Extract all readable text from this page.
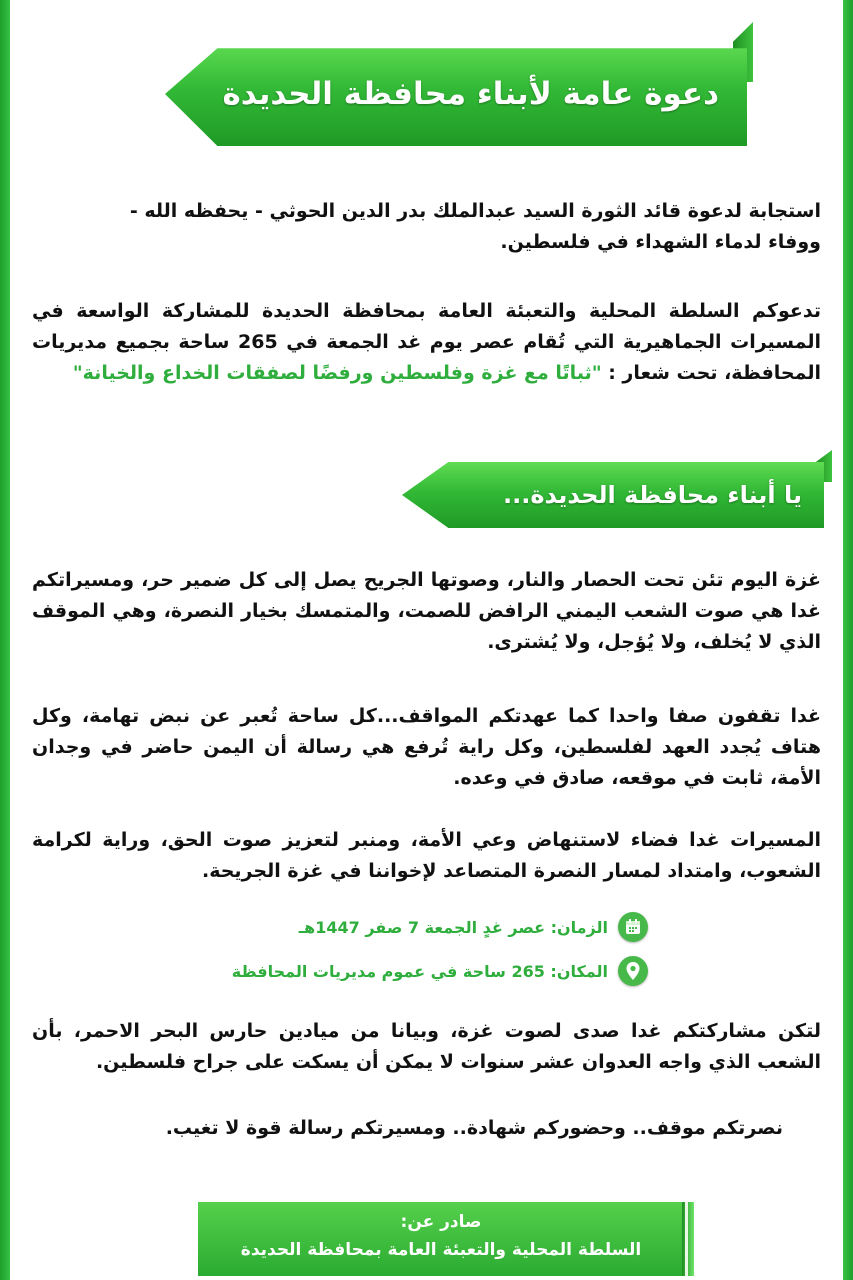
دعوة عامة لأبناء محافظة الحديدة
استجابة لدعوة قائد الثورة السيد عبدالملك بدر الدين الحوثي - يحفظه الله -
ووفاء لدماء الشهداء في فلسطين.
تدعوكم السلطة المحلية والتعبئة العامة بمحافظة الحديدة للمشاركة الواسعة في المسيرات الجماهيرية التي تُقام عصر يوم غد الجمعة في 265 ساحة بجميع مديريات المحافظة، تحت شعار : "ثباتًا مع غزة وفلسطين ورفضًا لصفقات الخداع والخيانة"
يا أبناء محافظة الحديدة...
غزة اليوم تئن تحت الحصار والنار، وصوتها الجريح يصل إلى كل ضمير حر، ومسيراتكم غدا هي صوت الشعب اليمني الرافض للصمت، والمتمسك بخيار النصرة، وهي الموقف الذي لا يُخلف، ولا يُؤجل، ولا يُشترى.
غدا تقفون صفا واحدا كما عهدتكم المواقف...كل ساحة تُعبر عن نبض تهامة، وكل هتاف يُجدد العهد لفلسطين، وكل راية تُرفع هي رسالة أن اليمن حاضر في وجدان الأمة، ثابت في موقعه، صادق في وعده.
المسيرات غدا فضاء لاستنهاض وعي الأمة، ومنبر لتعزيز صوت الحق، وراية لكرامة الشعوب، وامتداد لمسار النصرة المتصاعد لإخواننا في غزة الجريحة.
الزمان: عصر غدٍ الجمعة 7 صفر 1447هـ
المكان: 265 ساحة في عموم مديريات المحافظة
لتكن مشاركتكم غدا صدى لصوت غزة، وبيانا من ميادين حارس البحر الاحمر، بأن الشعب الذي واجه العدوان عشر سنوات لا يمكن أن يسكت على جراح فلسطين.
نصرتكم موقف.. وحضوركم شهادة.. ومسيرتكم رسالة قوة لا تغيب.
صادر عن:
السلطة المحلية والتعبئة العامة بمحافظة الحديدة
